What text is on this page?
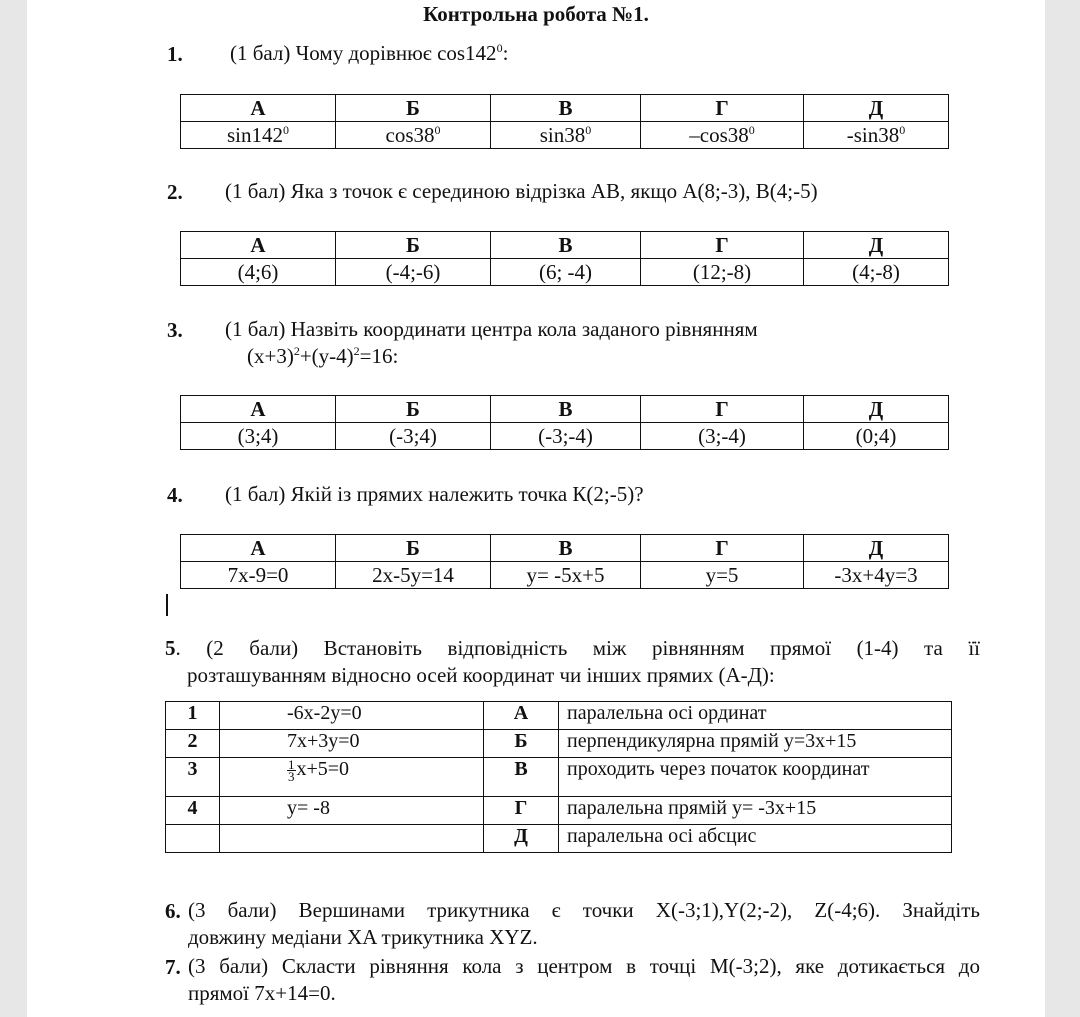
Контрольна робота №1.
1. (1 бал) Чому дорівнює $\cos 142^0$:
А	Б	В	Г	Д
$\sin 142^0$	$\cos 38^0$	$\sin 38^0$	$-\cos 38^0$	$-\sin 38^0$
2. (1 бал) Яка з точок є серединою відрізка АВ, якщо А(8;-3), В(4;-5)
А	Б	В	Г	Д
(4;6)	(-4;-6)	(6; -4)	(12;-8)	(4;-8)
3. (1 бал) Назвіть координати центра кола заданого рівнянням
$(х+3)^2+(у-4)^2=16$:
А	Б	В	Г	Д
(3;4)	(-3;4)	(-3;-4)	(3;-4)	(0;4)
4. (1 бал) Якій із прямих належить точка К(2;-5)?
А	Б	В	Г	Д
7х-9=0	2х-5у=14	у= -5х+5	у=5	-3х+4у=3
5. (2 бали) Встановіть відповідність між рівнянням прямої (1-4) та її
розташуванням відносно осей координат чи інших прямих (А-Д):
1	-6х-2у=0	А	паралельна осі ординат
2	7х+3у=0	Б	перпендикулярна прямій у=3х+15
3	$\frac{1}{3} х+5=0$	В	проходить через початок координат
4	у= -8	Г	паралельна прямій у= -3х+15
		Д	паралельна осі абсцис
6. (3 бали) Вершинами трикутника є точки X(-3;1),Y(2;-2), Z(-4;6). Знайдіть
довжину медіани XA трикутника XYZ.
7. (3 бали) Скласти рівняння кола з центром в точці М(-3;2), яке дотикається до
прямої 7х+14=0.
